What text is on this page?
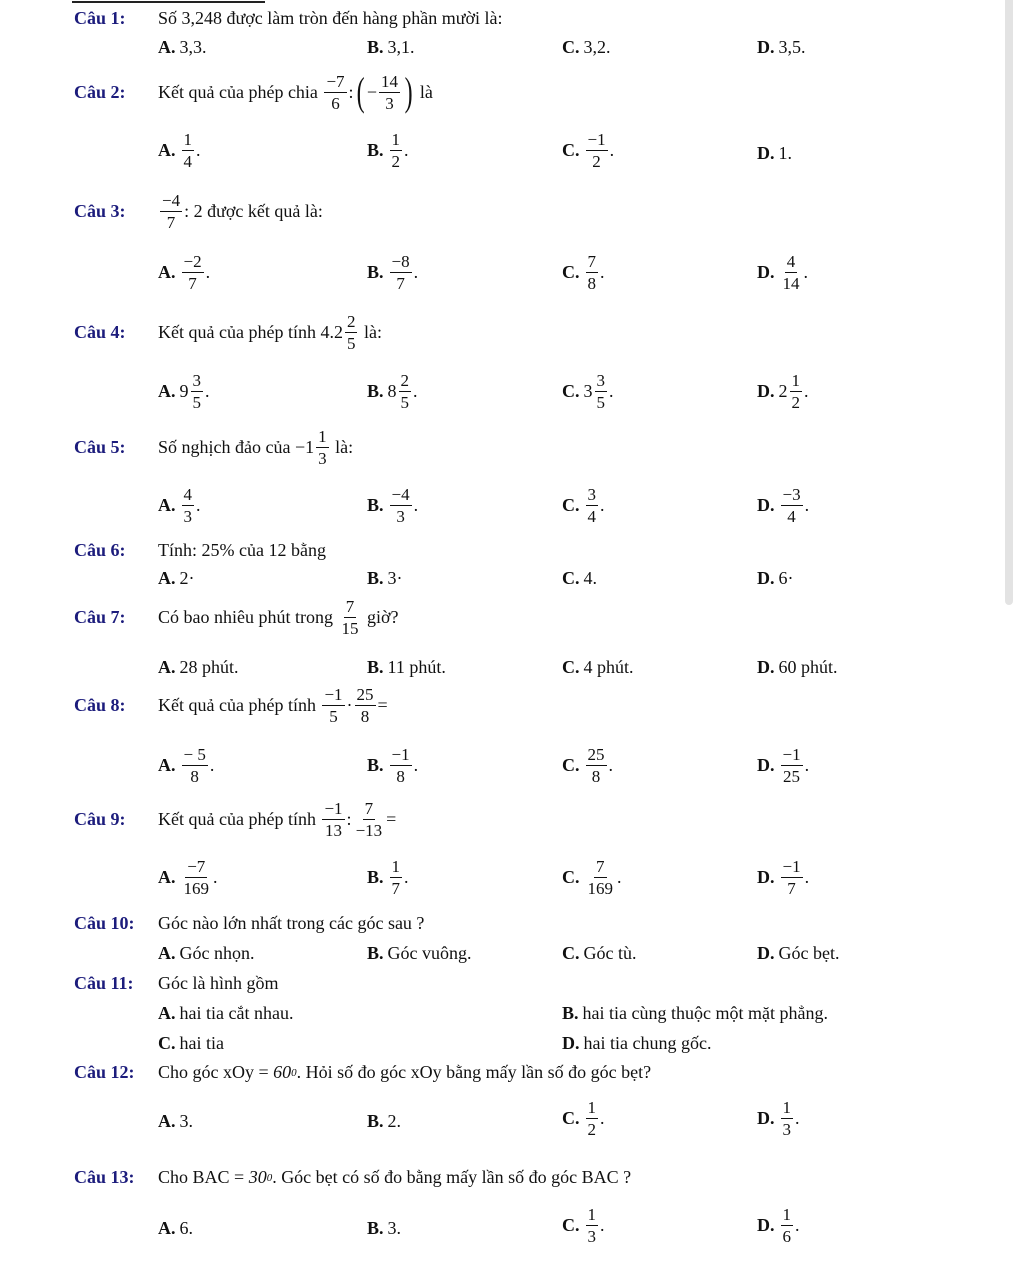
Câu 1:	Số 3,248 được làm tròn đến hàng phần mười là:
A. 3,3.	B. 3,1.	C. 3,2.	D. 3,5.
Câu 2:	Kết quả của phép chia
$\frac{-7}{6}$ : ( − $\frac{14}{3}$ )
là
A. $\frac{1}{4}$ .	B. $\frac{1}{2}$ .	C. $\frac{-1}{2}$ .	D. 1.
Câu 3:	$\frac{-4}{7}$ : 2
được kết quả là:
A. $\frac{-2}{7}$ .	B. $\frac{-8}{7}$ .	C. $\frac{7}{8}$ .	D. $\frac{4}{14}$ .
Câu 4:	Kết quả của phép tính 4. $2 \frac{2}{5}$
là:
A. $9 \frac{3}{5}$ .	B. $8 \frac{2}{5}$ .	C. $3 \frac{3}{5}$ .	D. $2 \frac{1}{2}$ .
Câu 5:	Số nghịch đảo của
$-1 \frac{1}{3}$
là:
A. $\frac{4}{3}$ .	B. $\frac{-4}{3}$ .	C. $\frac{3}{4}$ .	D. $\frac{-3}{4}$ .
Câu 6:	Tính: 25% của 12 bằng
A. 2·	B. 3·	C. 4.	D. 6·
Câu 7:	Có bao nhiêu phút trong
$\frac{7}{15}$
giờ?
A. 28 phút.	B. 11 phút.	C. 4 phút.	D. 60 phút.
Câu 8:	Kết quả của phép tính
$\frac{-1}{5} \cdot \frac{25}{8}$ =
A. $\frac{- 5}{8}$ .	B. $\frac{-1}{8}$ .	C. $\frac{25}{8}$ .	D. $\frac{-1}{25}$ .
Câu 9:	Kết quả của phép tính
$\frac{-1}{13}$ : $\frac{7}{-13}$ =
A. $\frac{-7}{169}$ .	B. $\frac{1}{7}$ .	C. $\frac{7}{169}$ .	D. $\frac{-1}{7}$ .
Câu 10:	Góc nào lớn nhất trong các góc sau ?
A. Góc nhọn.	B. Góc vuông.	C. Góc tù.	D. Góc bẹt.
Câu 11:	Góc là hình gồm
A. hai tia cắt nhau.	B. hai tia cùng thuộc một mặt phẳng.
C. hai tia	D. hai tia chung gốc.
Câu 12:	Cho góc
xOy
=
60 0 . Hỏi số đo góc xOy bằng mấy lần số đo góc bẹt?
A. 3.	B. 2.	C. $\frac{1}{2}$ .	D. $\frac{1}{3}$ .
Câu 13:	Cho
BAC
=
30 0 . Góc bẹt có số đo bằng mấy lần số đo góc BAC ?
A. 6.	B. 3.	C. $\frac{1}{3}$ .	D. $\frac{1}{6}$ .
